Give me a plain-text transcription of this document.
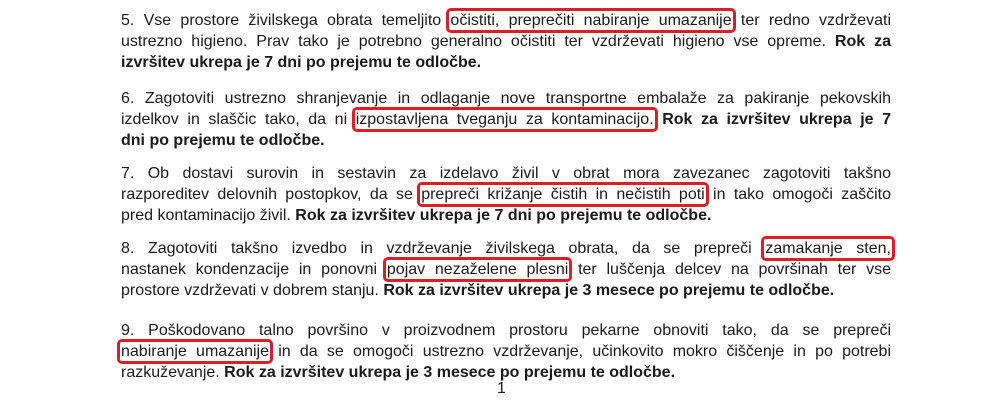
5. Vse prostore živilskega obrata temeljito očistiti, preprečiti nabiranje umazanije ter redno vzdrževati
ustrezno higieno. Prav tako je potrebno generalno očistiti ter vzdrževati higieno vse opreme. Rok za
izvršitev ukrepa je 7 dni po prejemu te odločbe.
6. Zagotoviti ustrezno shranjevanje in odlaganje nove transportne embalaže za pakiranje pekovskih
izdelkov in slaščic tako, da ni izpostavljena tveganju za kontaminacijo. Rok za izvršitev ukrepa je 7
dni po prejemu te odločbe.
7. Ob dostavi surovin in sestavin za izdelavo živil v obrat mora zavezanec zagotoviti takšno
razporeditev delovnih postopkov, da se prepreči križanje čistih in nečistih poti in tako omogoči zaščito
pred kontaminacijo živil. Rok za izvršitev ukrepa je 7 dni po prejemu te odločbe.
8. Zagotoviti takšno izvedbo in vzdrževanje živilskega obrata, da se prepreči zamakanje sten,
nastanek kondenzacije in ponovni pojav nezaželene plesni ter luščenja delcev na površinah ter vse
prostore vzdrževati v dobrem stanju. Rok za izvršitev ukrepa je 3 mesece po prejemu te odločbe.
9. Poškodovano talno površino v proizvodnem prostoru pekarne obnoviti tako, da se prepreči
nabiranje umazanije in da se omogoči ustrezno vzdrževanje, učinkovito mokro čiščenje in po potrebi
razkuževanje. Rok za izvršitev ukrepa je 3 mesece po prejemu te odločbe.
1
